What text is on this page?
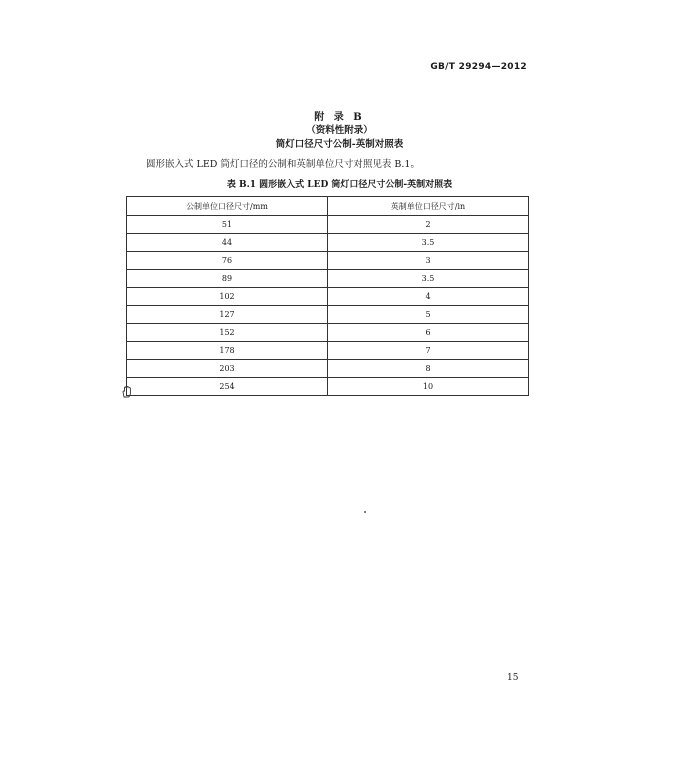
GB/T 29294—2012
附 录 B
（资料性附录）
筒灯口径尺寸公制-英制对照表
圆形嵌入式 LED 筒灯口径的公制和英制单位尺寸对照见表 B.1。
表 B.1 圆形嵌入式 LED 筒灯口径尺寸公制-英制对照表
公制单位口径尺寸/mm	英制单位口径尺寸/in
51	2
44	3.5
76	3
89	3.5
102	4
127	5
152	6
178	7
203	8
254	10
15
